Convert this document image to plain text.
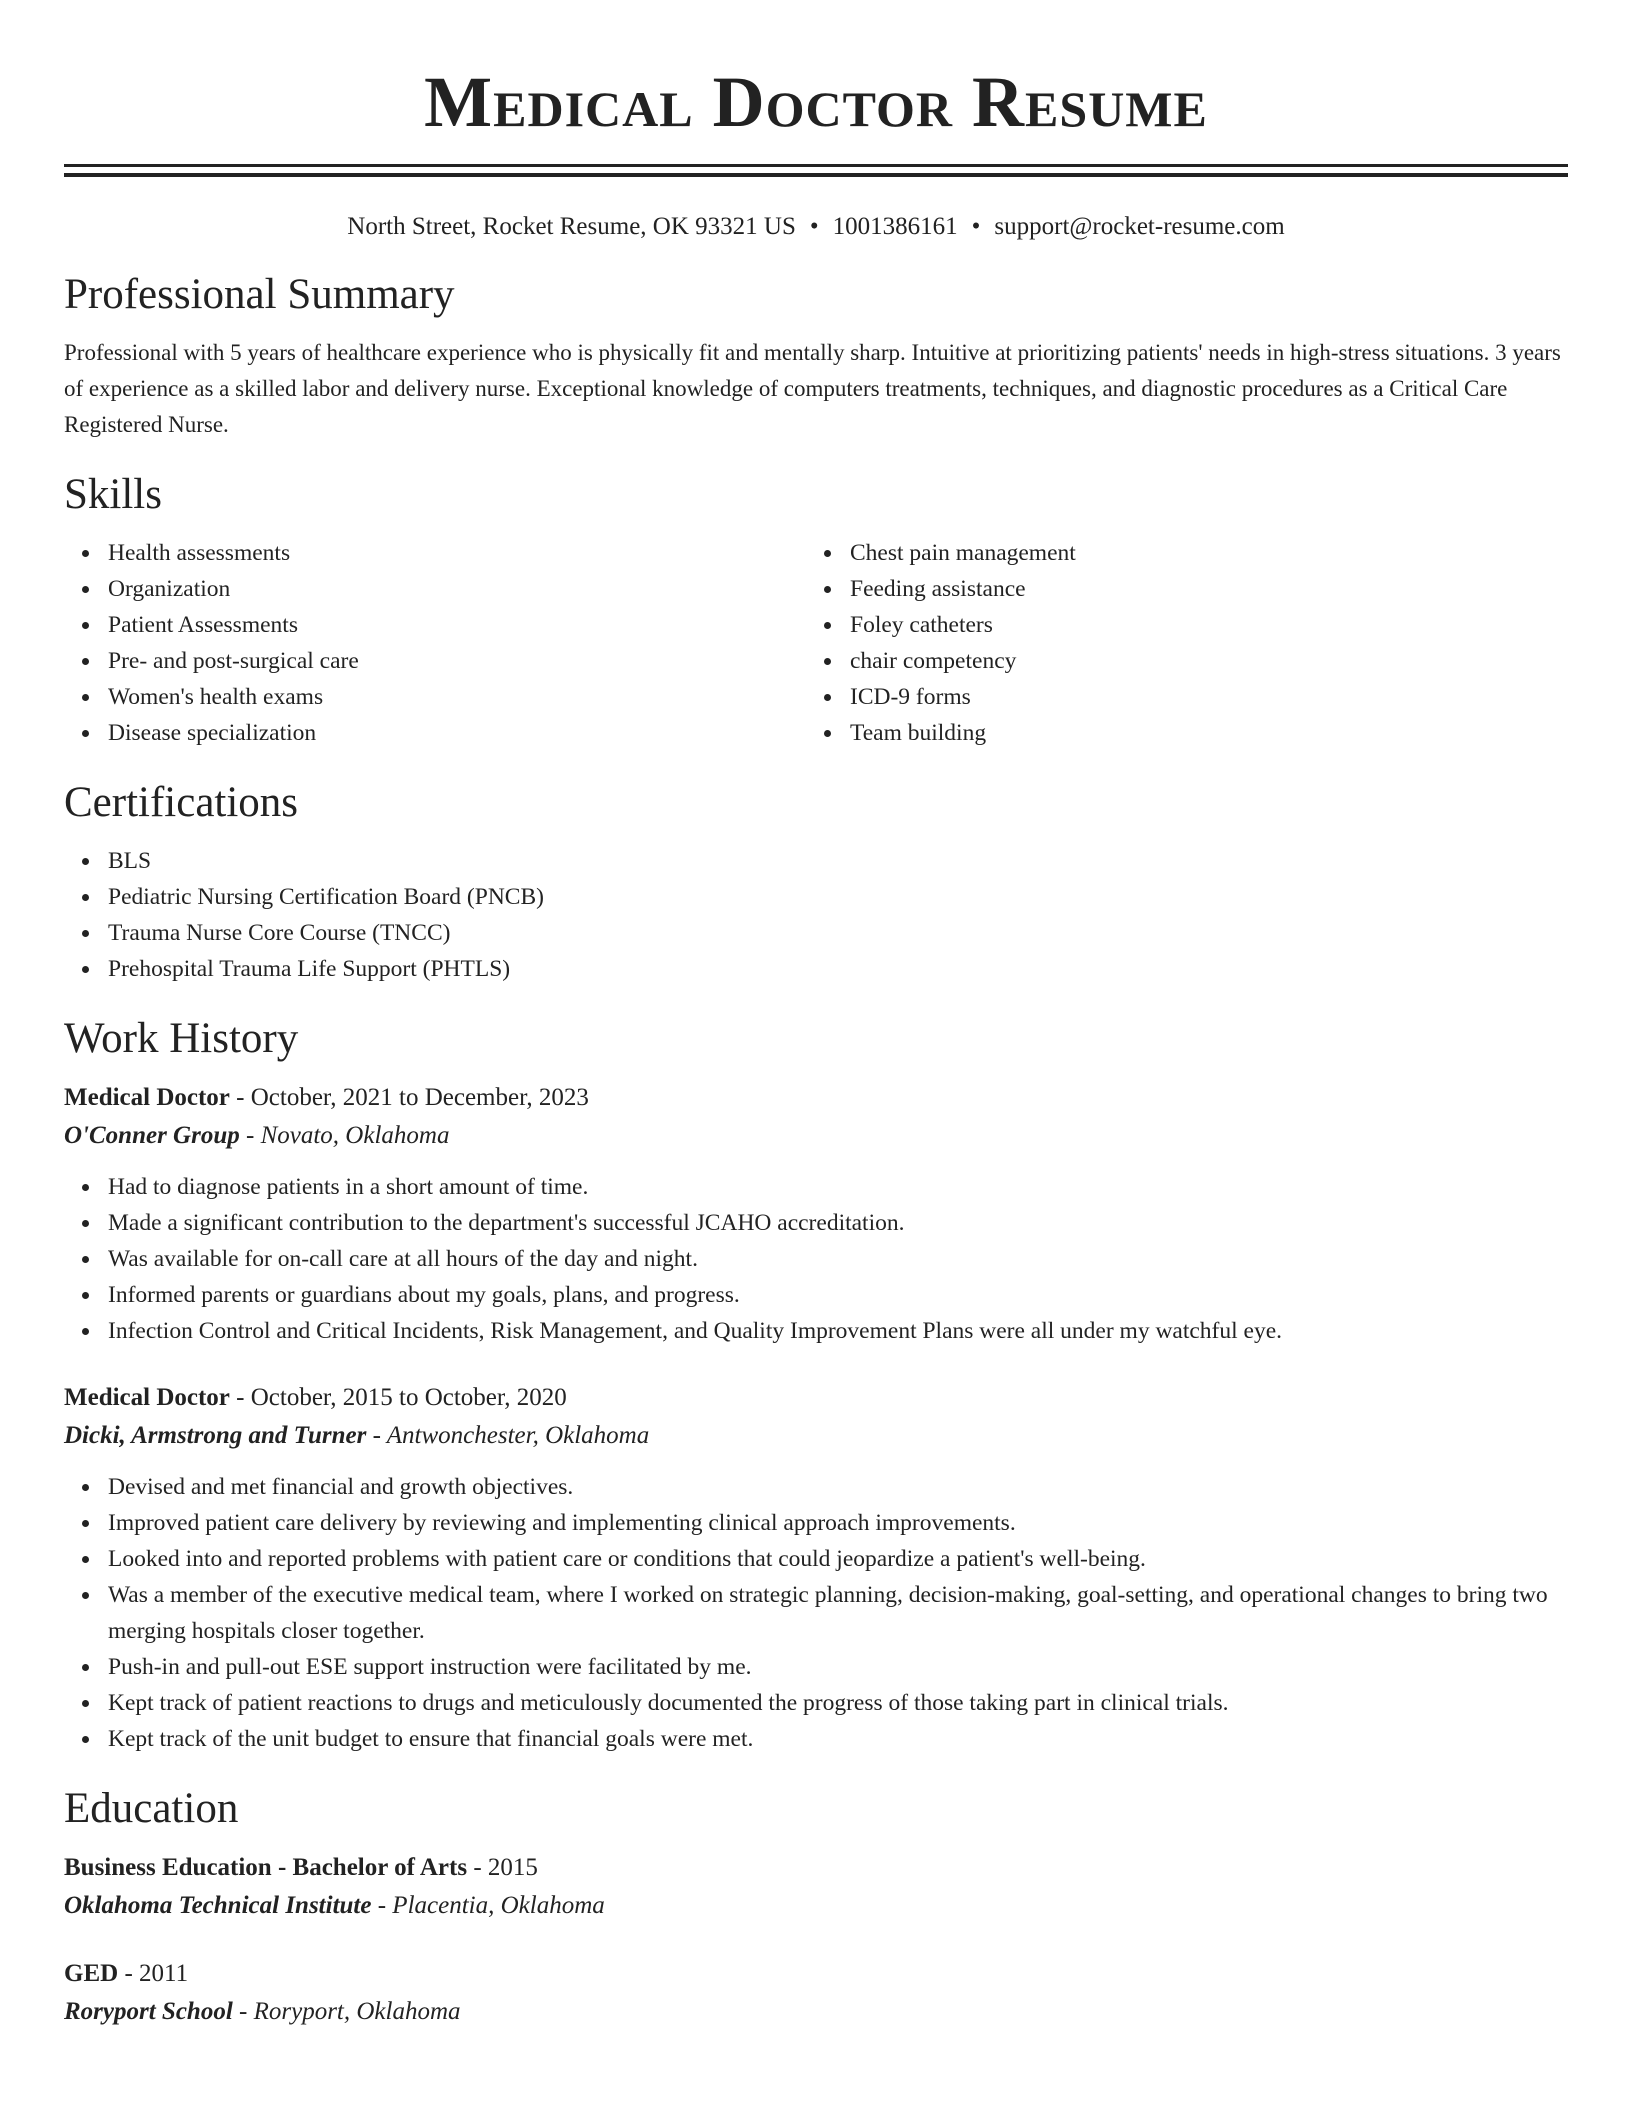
Medical Doctor Resume
North Street, Rocket Resume, OK 93321 US • 1001386161 • support@rocket-resume.com
Professional Summary

Professional with 5 years of healthcare experience who is physically fit and mentally sharp. Intuitive at prioritizing patients' needs in high-stress situations. 3 years of experience as a skilled labor and delivery nurse. Exceptional knowledge of computers treatments, techniques, and diagnostic procedures as a Critical Care Registered Nurse.

Skills
Health assessments
Organization
Patient Assessments
Pre- and post-surgical care
Women's health exams
Disease specialization
Chest pain management
Feeding assistance
Foley catheters
chair competency
ICD-9 forms
Team building
Certifications
BLS
Pediatric Nursing Certification Board (PNCB)
Trauma Nurse Core Course (TNCC)
Prehospital Trauma Life Support (PHTLS)
Work History
Medical Doctor - October, 2021 to December, 2023
O'Conner Group - Novato, Oklahoma
Had to diagnose patients in a short amount of time.
Made a significant contribution to the department's successful JCAHO accreditation.
Was available for on-call care at all hours of the day and night.
Informed parents or guardians about my goals, plans, and progress.
Infection Control and Critical Incidents, Risk Management, and Quality Improvement Plans were all under my watchful eye.
Medical Doctor - October, 2015 to October, 2020
Dicki, Armstrong and Turner - Antwonchester, Oklahoma
Devised and met financial and growth objectives.
Improved patient care delivery by reviewing and implementing clinical approach improvements.
Looked into and reported problems with patient care or conditions that could jeopardize a patient's well-being.
Was a member of the executive medical team, where I worked on strategic planning, decision-making, goal-setting, and operational changes to bring two merging hospitals closer together.
Push-in and pull-out ESE support instruction were facilitated by me.
Kept track of patient reactions to drugs and meticulously documented the progress of those taking part in clinical trials.
Kept track of the unit budget to ensure that financial goals were met.
Education
Business Education - Bachelor of Arts - 2015
Oklahoma Technical Institute - Placentia, Oklahoma
GED - 2011
Roryport School - Roryport, Oklahoma
